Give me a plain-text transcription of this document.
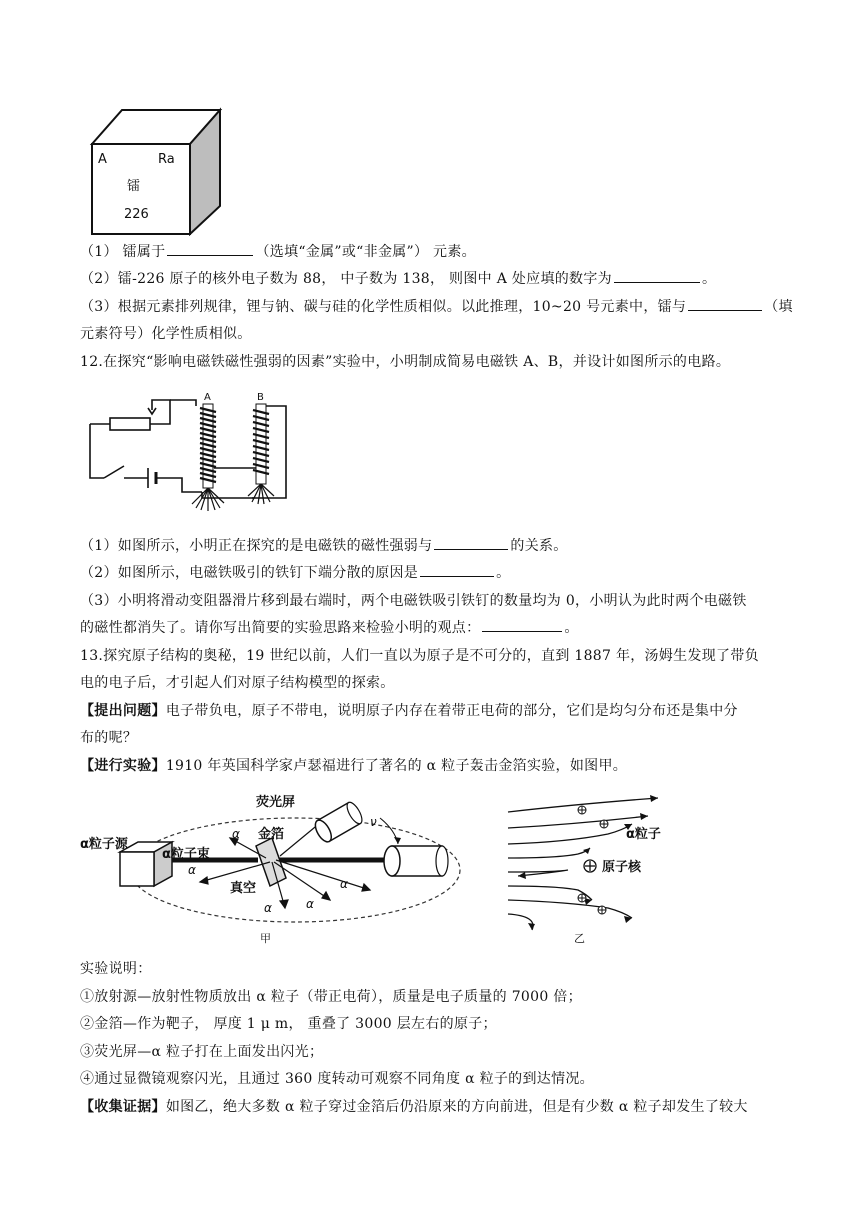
A	Ra
镭
226
（1） 镭属于	（选填“金属”或“非金属”） 元素。
（2）镭-226 原子的核外电子数为 88， 中子数为 138， 则图中 A 处应填的数字为	。
（3）根据元素排列规律，锂与钠、碳与硅的化学性质相似。以此推理，10~20 号元素中，镭与	（填
元素符号）化学性质相似。
12.在探究“影响电磁铁磁性强弱的因素”实验中，小明制成简易电磁铁 A、B，并设计如图所示的电路。
A	B
（1）如图所示，小明正在探究的是电磁铁的磁性强弱与	的关系。
（2）如图所示，电磁铁吸引的铁钉下端分散的原因是	。
（3）小明将滑动变阻器滑片移到最右端时，两个电磁铁吸引铁钉的数量均为 0，小明认为此时两个电磁铁
的磁性都消失了。请你写出简要的实验思路来检验小明的观点：	。
13.探究原子结构的奥秘，19 世纪以前，人们一直以为原子是不可分的，直到 1887 年，汤姆生发现了带负
电的电子后，才引起人们对原子结构模型的探索。
【提出问题】电子带负电，原子不带电，说明原子内存在着带正电荷的部分，它们是均匀分布还是集中分
布的呢？
【进行实验】1910 年英国科学家卢瑟福进行了著名的 α 粒子轰击金箔实验，如图甲。
荧光屏
金箔
α粒子源
α粒子束
真空
α
α
α	α
α
ν
甲
α粒子
原子核
乙
实验说明：
①放射源—放射性物质放出 α 粒子（带正电荷），质量是电子质量的 7000 倍；
②金箔—作为靶子， 厚度 1 μ m， 重叠了 3000 层左右的原子；
③荧光屏—α 粒子打在上面发出闪光；
④通过显微镜观察闪光，且通过 360 度转动可观察不同角度 α 粒子的到达情况。
【收集证据】如图乙，绝大多数 α 粒子穿过金箔后仍沿原来的方向前进，但是有少数 α 粒子却发生了较大
